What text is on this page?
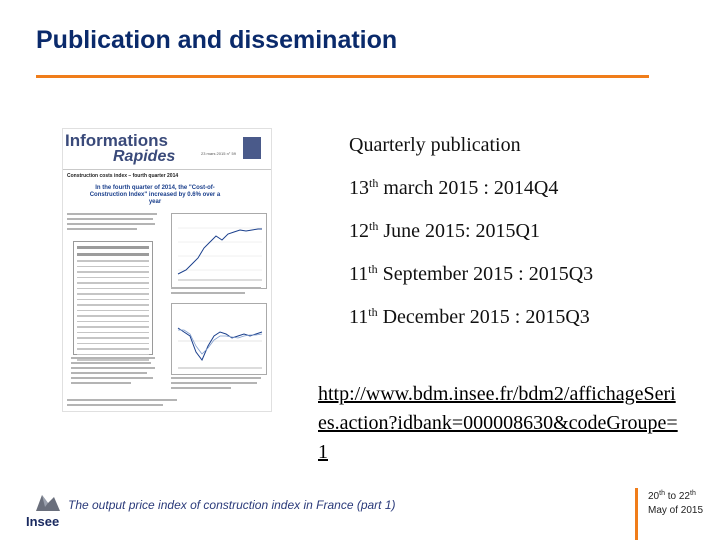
Publication and dissemination
Informations
Rapides	23 mars 2015 n° 59
Construction costs index – fourth quarter 2014
In the fourth quarter of 2014, the "Cost-of-Construction Index" increased by 0.6% over a year
Quarterly publication
13th march 2015 : 2014Q4
12th June 2015: 2015Q1
11th September 2015 : 2015Q3
11th December 2015 : 2015Q3
http://www.bdm.insee.fr/bdm2/affichageSeries.action?idbank=000008630&codeGroupe=1
Insee
The output price index of construction index in France (part 1)
20th to 22th
May of 2015
